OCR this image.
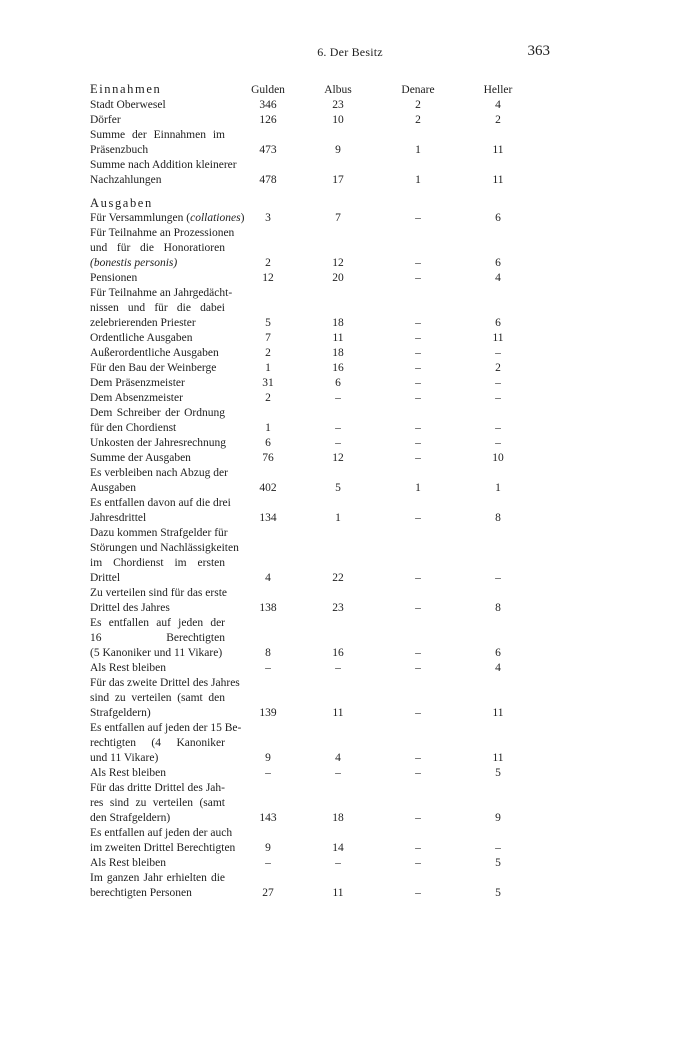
6. Der Besitz	363
Einnahmen	Gulden	Albus	Denare	Heller
Stadt Oberwesel	346	23	2	4
Dörfer	126	10	2	2
Summe der Einnahmen im
Präsenzbuch	473	9	1	11
Summe nach Addition kleinerer
Nachzahlungen	478	17	1	11
Ausgaben
Für Versammlungen (collationes)	3	7	–	6
Für Teilnahme an Prozessionen
und für die Honoratioren
(bonestis personis)	2	12	–	6
Pensionen	12	20	–	4
Für Teilnahme an Jahrgedächt-
nissen und für die dabei
zelebrierenden Priester	5	18	–	6
Ordentliche Ausgaben	7	11	–	11
Außerordentliche Ausgaben	2	18	–	–
Für den Bau der Weinberge	1	16	–	2
Dem Präsenzmeister	31	6	–	–
Dem Absenzmeister	2	–	–	–
Dem Schreiber der Ordnung
für den Chordienst	1	–	–	–
Unkosten der Jahresrechnung	6	–	–	–
Summe der Ausgaben	76	12	–	10
Es verbleiben nach Abzug der
Ausgaben	402	5	1	1
Es entfallen davon auf die drei
Jahresdrittel	134	1	–	8
Dazu kommen Strafgelder für
Störungen und Nachlässigkeiten
im Chordienst im ersten
Drittel	4	22	–	–
Zu verteilen sind für das erste
Drittel des Jahres	138	23	–	8
Es entfallen auf jeden der
16 Berechtigten
(5 Kanoniker und 11 Vikare)	8	16	–	6
Als Rest bleiben	–	–	–	4
Für das zweite Drittel des Jahres
sind zu verteilen (samt den
Strafgeldern)	139	11	–	11
Es entfallen auf jeden der 15 Be-
rechtigten (4 Kanoniker
und 11 Vikare)	9	4	–	11
Als Rest bleiben	–	–	–	5
Für das dritte Drittel des Jah-
res sind zu verteilen (samt
den Strafgeldern)	143	18	–	9
Es entfallen auf jeden der auch
im zweiten Drittel Berechtigten	9	14	–	–
Als Rest bleiben	–	–	–	5
Im ganzen Jahr erhielten die
berechtigten Personen	27	11	–	5
